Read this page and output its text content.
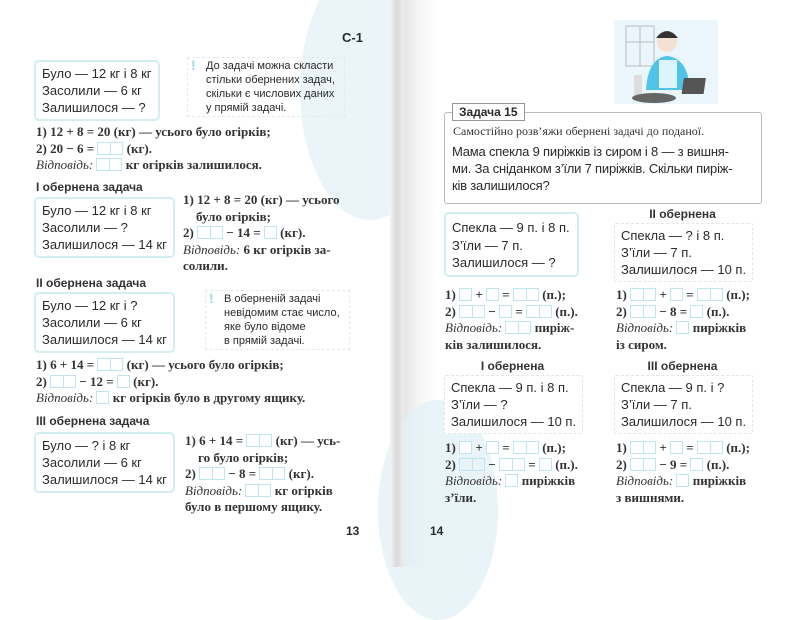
С-1
Було — 12 кг і 8 кг
Засолили — 6 кг
Залишилося — ?
! До задачі можна скласти
стільки обернених задач,
скільки є числових даних
у прямій задачі.
1) 12 + 8 = 20 (кг) — усього було огірків;
2) 20 − 6 =  (кг).
Відповідь:  кг огірків залишилося.
І обернена задача
Було — 12 кг і 8 кг
Засолили — ?
Залишилося — 14 кг
1) 12 + 8 = 20 (кг) — усього
було огірків;
2)  − 14 =  (кг).
Відповідь: 6 кг огірків за-
солили.
ІІ обернена задача
Було — 12 кг і ?
Засолили — 6 кг
Залишилося — 14 кг
! В оберненій задачі
невідомим стає число,
яке було відоме
в прямій задачі.
1) 6 + 14 =  (кг) — усього було огірків;
2)  − 12 =  (кг).
Відповідь:  кг огірків було в другому ящику.
ІІІ обернена задача
Було — ? і 8 кг
Засолили — 6 кг
Залишилося — 14 кг
1) 6 + 14 =  (кг) — усь-
го було огірків;
2)  − 8 =  (кг).
Відповідь:  кг огірків
було в першому ящику.
13
Задача 15
Самостійно розв’яжи обернені задачі до поданої.
Мама спекла 9 пиріжків із сиром і 8 — з вишня-
ми. За сніданком з’їли 7 пиріжків. Скільки пиріж-
ків залишилося?
Спекла — 9 п. і 8 п.
З’їли — 7 п.
Залишилося — ?
1)  +  =  (п.);
2)  −  =  (п.).
Відповідь:  пиріж-
ків залишилося.
ІІ обернена
Спекла — ? і 8 п.
З’їли — 7 п.
Залишилося — 10 п.
1)  +  =  (п.);
2)  − 8 =  (п.).
Відповідь:  пиріжків
із сиром.
І обернена
Спекла — 9 п. і 8 п.
З’їли — ?
Залишилося — 10 п.
1)  +  =  (п.);
2)  −  =  (п.).
Відповідь:  пиріжків
з’їли.
ІІІ обернена
Спекла — 9 п. і ?
З’їли — 7 п.
Залишилося — 10 п.
1)  +  =  (п.);
2)  − 9 =  (п.).
Відповідь:  пиріжків
з вишнями.
14
